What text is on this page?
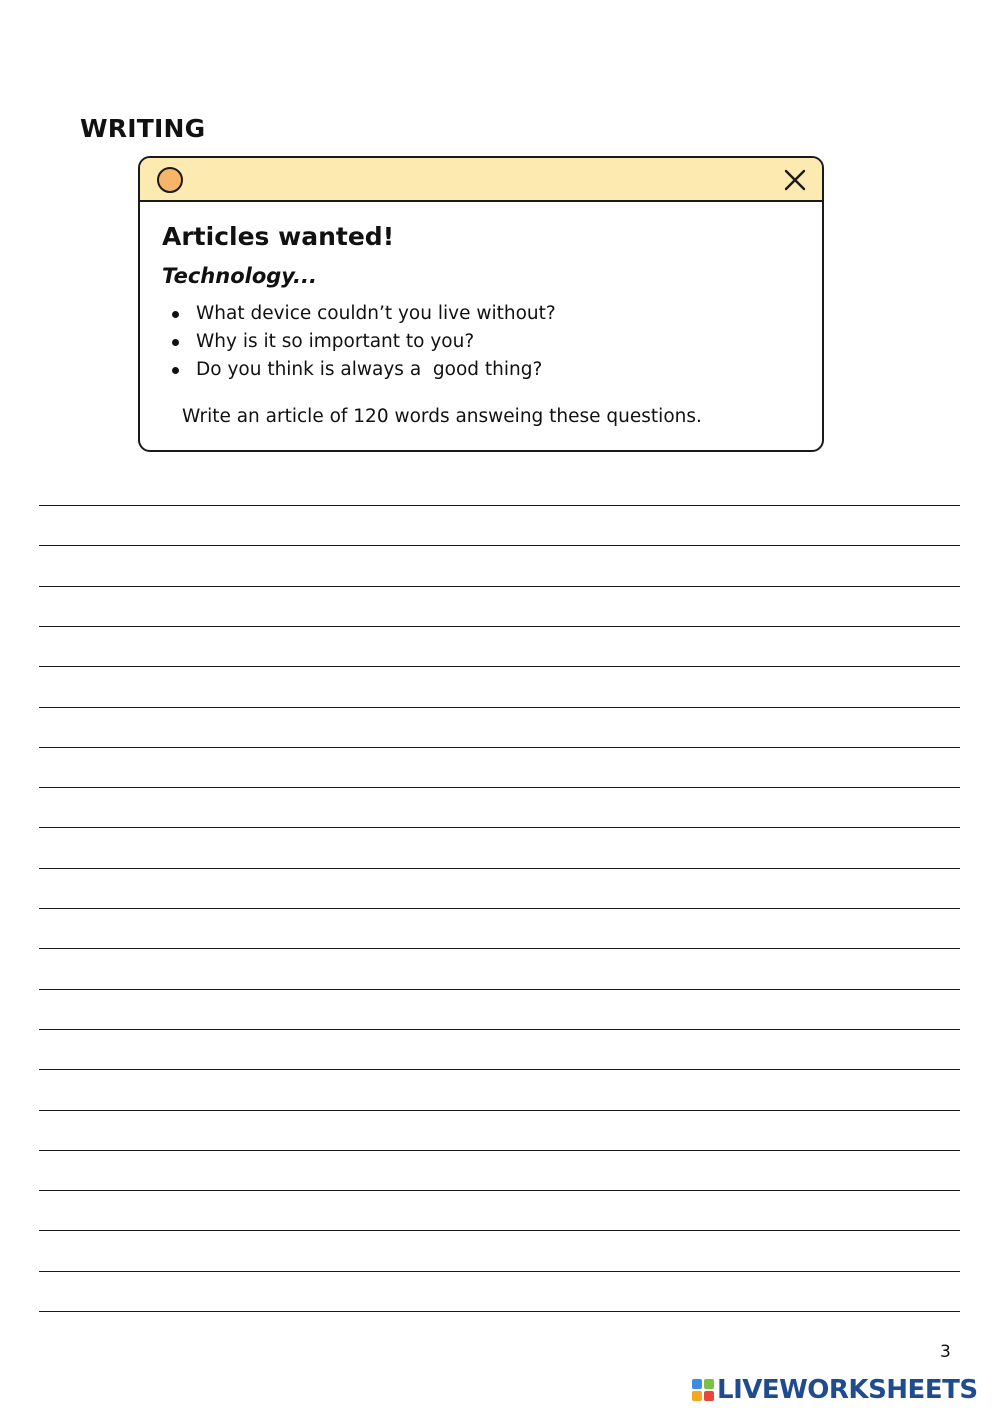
WRITING
Articles wanted!
Technology...
What device couldn’t you live without?
Why is it so important to you?
Do you think is always a  good thing?

Write an article of 120 words answeing these questions.

3
LIVEWORKSHEETS
